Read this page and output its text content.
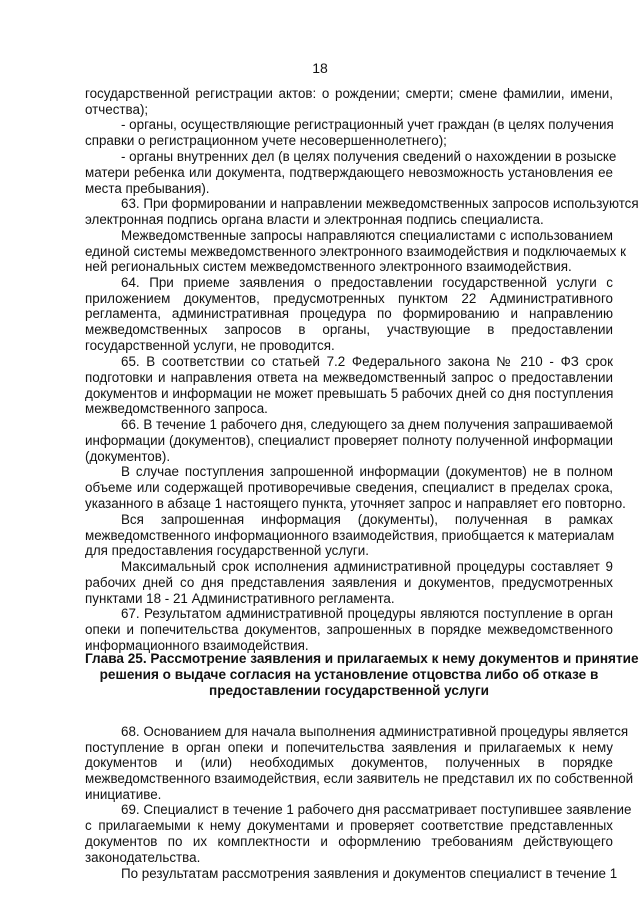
18
государственной регистрации актов: о рождении; смерти; смене фамилии, имени,
отчества);
- органы, осуществляющие регистрационный учет граждан (в целях получения
справки о регистрационном учете несовершеннолетнего);
- органы внутренних дел (в целях получения сведений о нахождении в розыске
матери ребенка или документа, подтверждающего невозможность установления ее
места пребывания).
63. При формировании и направлении межведомственных запросов используются
электронная подпись органа власти и электронная подпись специалиста.
Межведомственные запросы направляются специалистами с использованием
единой системы межведомственного электронного взаимодействия и подключаемых к
ней региональных систем межведомственного электронного взаимодействия.
64. При приеме заявления о предоставлении государственной услуги с
приложением документов, предусмотренных пунктом 22 Административного
регламента, административная процедура по формированию и направлению
межведомственных запросов в органы, участвующие в предоставлении
государственной услуги, не проводится.
65. В соответствии со статьей 7.2 Федерального закона № 210 - ФЗ срок
подготовки и направления ответа на межведомственный запрос о предоставлении
документов и информации не может превышать 5 рабочих дней со дня поступления
межведомственного запроса.
66. В течение 1 рабочего дня, следующего за днем получения запрашиваемой
информации (документов), специалист проверяет полноту полученной информации
(документов).
В случае поступления запрошенной информации (документов) не в полном
объеме или содержащей противоречивые сведения, специалист в пределах срока,
указанного в абзаце 1 настоящего пункта, уточняет запрос и направляет его повторно.
Вся запрошенная информация (документы), полученная в рамках
межведомственного информационного взаимодействия, приобщается к материалам
для предоставления государственной услуги.
Максимальный срок исполнения административной процедуры составляет 9
рабочих дней со дня представления заявления и документов, предусмотренных
пунктами 18 - 21 Административного регламента.
67. Результатом административной процедуры являются поступление в орган
опеки и попечительства документов, запрошенных в порядке межведомственного
информационного взаимодействия.
Глава 25. Рассмотрение заявления и прилагаемых к нему документов и принятие
решения о выдаче согласия на установление отцовства либо об отказе в
предоставлении государственной услуги
68. Основанием для начала выполнения административной процедуры является
поступление в орган опеки и попечительства заявления и прилагаемых к нему
документов и (или) необходимых документов, полученных в порядке
межведомственного взаимодействия, если заявитель не представил их по собственной
инициативе.
69. Специалист в течение 1 рабочего дня рассматривает поступившее заявление
с прилагаемыми к нему документами и проверяет соответствие представленных
документов по их комплектности и оформлению требованиям действующего
законодательства.
По результатам рассмотрения заявления и документов специалист в течение 1
